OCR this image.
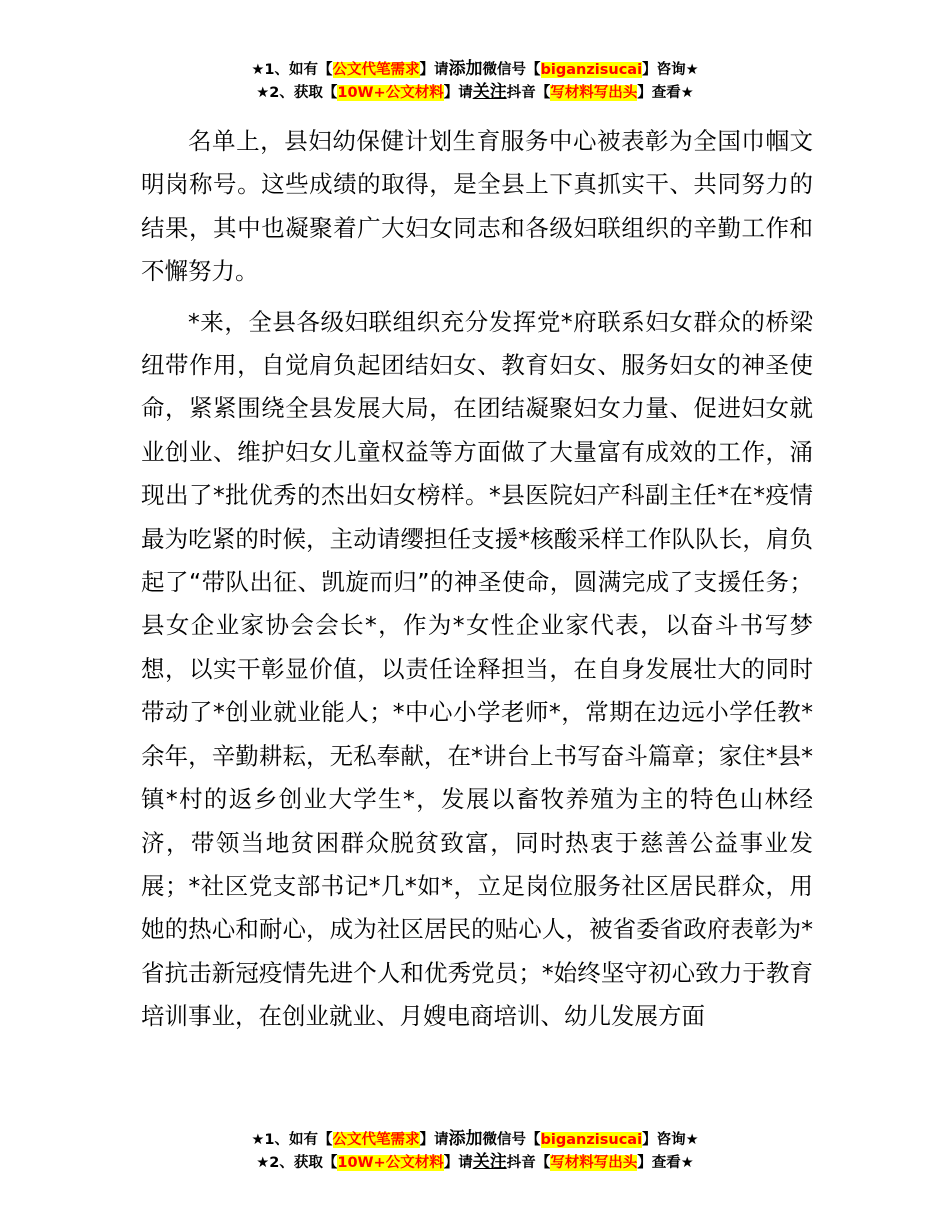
★1、如有【公文代笔需求】请添加微信号【biganzisucai】咨询★
★2、获取【10W+公文材料】请关注抖音【写材料写出头】查看★

名单上，县妇幼保健计划生育服务中心被表彰为全国巾帼文明岗称号。这些成绩的取得，是全县上下真抓实干、共同努力的结果，其中也凝聚着广大妇女同志和各级妇联组织的辛勤工作和不懈努力。

*来，全县各级妇联组织充分发挥党*府联系妇女群众的桥梁纽带作用，自觉肩负起团结妇女、教育妇女、服务妇女的神圣使命，紧紧围绕全县发展大局，在团结凝聚妇女力量、促进妇女就业创业、维护妇女儿童权益等方面做了大量富有成效的工作，涌现出了*批优秀的杰出妇女榜样。*县医院妇产科副主任*在*疫情最为吃紧的时候，主动请缨担任支援*核酸采样工作队队长，肩负起了“带队出征、凯旋而归”的神圣使命，圆满完成了支援任务；县女企业家协会会长*，作为*女性企业家代表，以奋斗书写梦想，以实干彰显价值，以责任诠释担当，在自身发展壮大的同时带动了*创业就业能人；*中心小学老师*，常期在边远小学任教*余年，辛勤耕耘，无私奉献，在*讲台上书写奋斗篇章；家住*县*镇*村的返乡创业大学生*，发展以畜牧养殖为主的特色山林经济，带领当地贫困群众脱贫致富，同时热衷于慈善公益事业发展；*社区党支部书记*几*如*，立足岗位服务社区居民群众，用她的热心和耐心，成为社区居民的贴心人，被省委省政府表彰为*省抗击新冠疫情先进个人和优秀党员；*始终坚守初心致力于教育培训事业，在创业就业、月嫂电商培训、幼儿发展方面

★1、如有【公文代笔需求】请添加微信号【biganzisucai】咨询★
★2、获取【10W+公文材料】请关注抖音【写材料写出头】查看★
